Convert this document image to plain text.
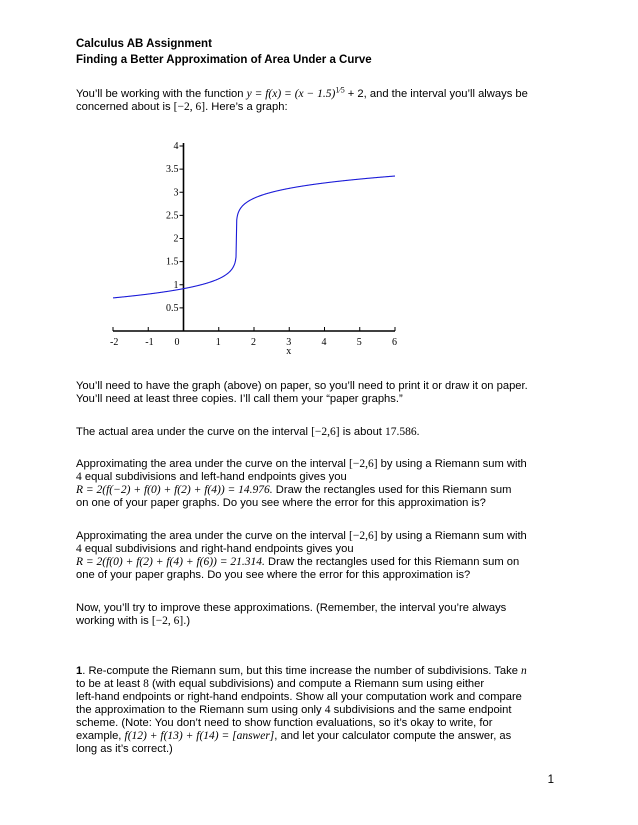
Calculus AB Assignment
Finding a Better Approximation of Area Under a Curve
You’ll be working with the function $y = f(x) = (x - 1.5)^{1⁄5} + 2$, and the interval you’ll always be
concerned about is [−2, 6]. Here’s a graph:
-2	-1 0	1	2	3	4	5	6
0.5
1
1.5
2
2.5
3
3.5
4
x
You’ll need to have the graph (above) on paper, so you’ll need to print it or draw it on paper.
You’ll need at least three copies. I’ll call them your “paper graphs.”
The actual area under the curve on the interval [−2,6] is about 17.586.
Approximating the area under the curve on the interval [−2,6] by using a Riemann sum with
4 equal subdivisions and left-hand endpoints gives you
R = 2(f(−2) + f(0) + f(2) + f(4)) = 14.976. Draw the rectangles used for this Riemann sum
on one of your paper graphs. Do you see where the error for this approximation is?
Approximating the area under the curve on the interval [−2,6] by using a Riemann sum with
4 equal subdivisions and right-hand endpoints gives you
R = 2(f(0) + f(2) + f(4) + f(6)) = 21.314. Draw the rectangles used for this Riemann sum on
one of your paper graphs. Do you see where the error for this approximation is?
Now, you’ll try to improve these approximations. (Remember, the interval you’re always
working with is [−2, 6].)
1. Re-compute the Riemann sum, but this time increase the number of subdivisions. Take n
to be at least 8 (with equal subdivisions) and compute a Riemann sum using either
left-hand endpoints or right-hand endpoints. Show all your computation work and compare
the approximation to the Riemann sum using only 4 subdivisions and the same endpoint
scheme. (Note: You don’t need to show function evaluations, so it’s okay to write, for
example, f(12) + f(13) + f(14) = [answer], and let your calculator compute the answer, as
long as it’s correct.)
1
